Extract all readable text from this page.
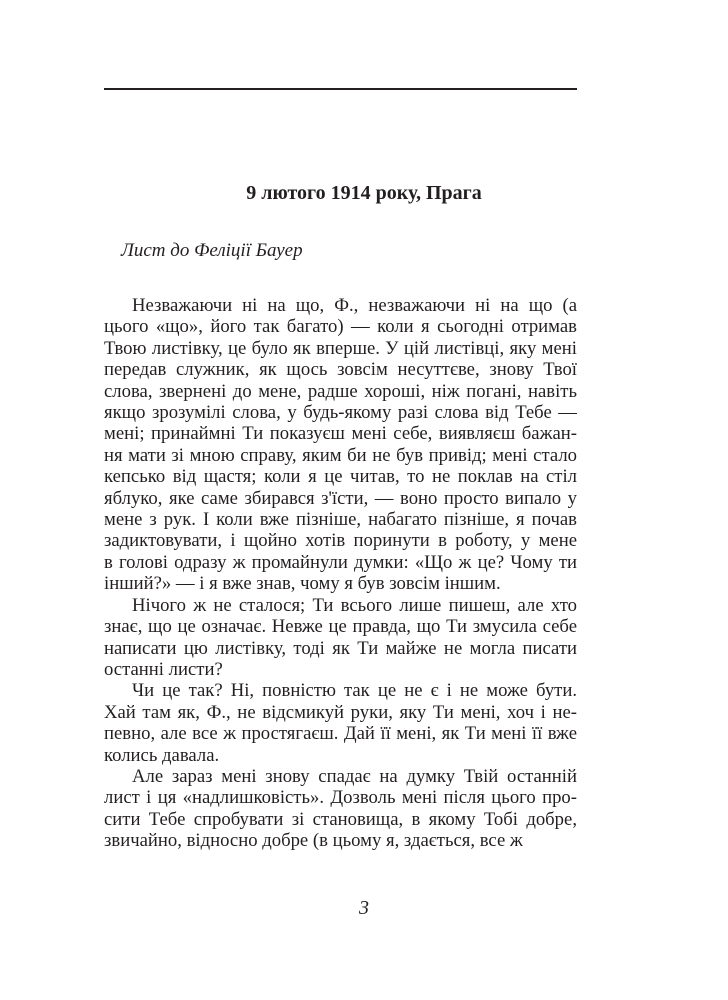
9 лютого 1914 року, Прага
Лист до Феліції Бауер
Незважаючи ні на що, Ф., незважаючи ні на що (а
цього «що», його так багато) — коли я сьогодні отримав
Твою листівку, це було як вперше. У цій листівці, яку мені
передав служник, як щось зовсім несуттєве, знову Твої
слова, звернені до мене, радше хороші, ніж погані, навіть
якщо зрозумілі слова, у будь-якому разі слова від Тебе —
мені; принаймні Ти показуєш мені себе, виявляєш бажан-
ня мати зі мною справу, яким би не був привід; мені стало
кепсько від щастя; коли я це читав, то не поклав на стіл
яблуко, яке саме збирався з'їсти, — воно просто випало у
мене з рук. І коли вже пізніше, набагато пізніше, я почав
задиктовувати, і щойно хотів поринути в роботу, у мене
в голові одразу ж промайнули думки: «Що ж це? Чому ти
інший?» — і я вже знав, чому я був зовсім іншим.
Нічого ж не сталося; Ти всього лише пишеш, але хто
знає, що це означає. Невже це правда, що Ти змусила себе
написати цю листівку, тоді як Ти майже не могла писати
останні листи?
Чи це так? Ні, повністю так це не є і не може бути.
Хай там як, Ф., не відсмикуй руки, яку Ти мені, хоч і не-
певно, але все ж простягаєш. Дай її мені, як Ти мені її вже
колись давала.
Але зараз мені знову спадає на думку Твій останній
лист і ця «надлишковість». Дозволь мені після цього про-
сити Тебе спробувати зі становища, в якому Тобі добре,
звичайно, відносно добре (в цьому я, здається, все ж
3
